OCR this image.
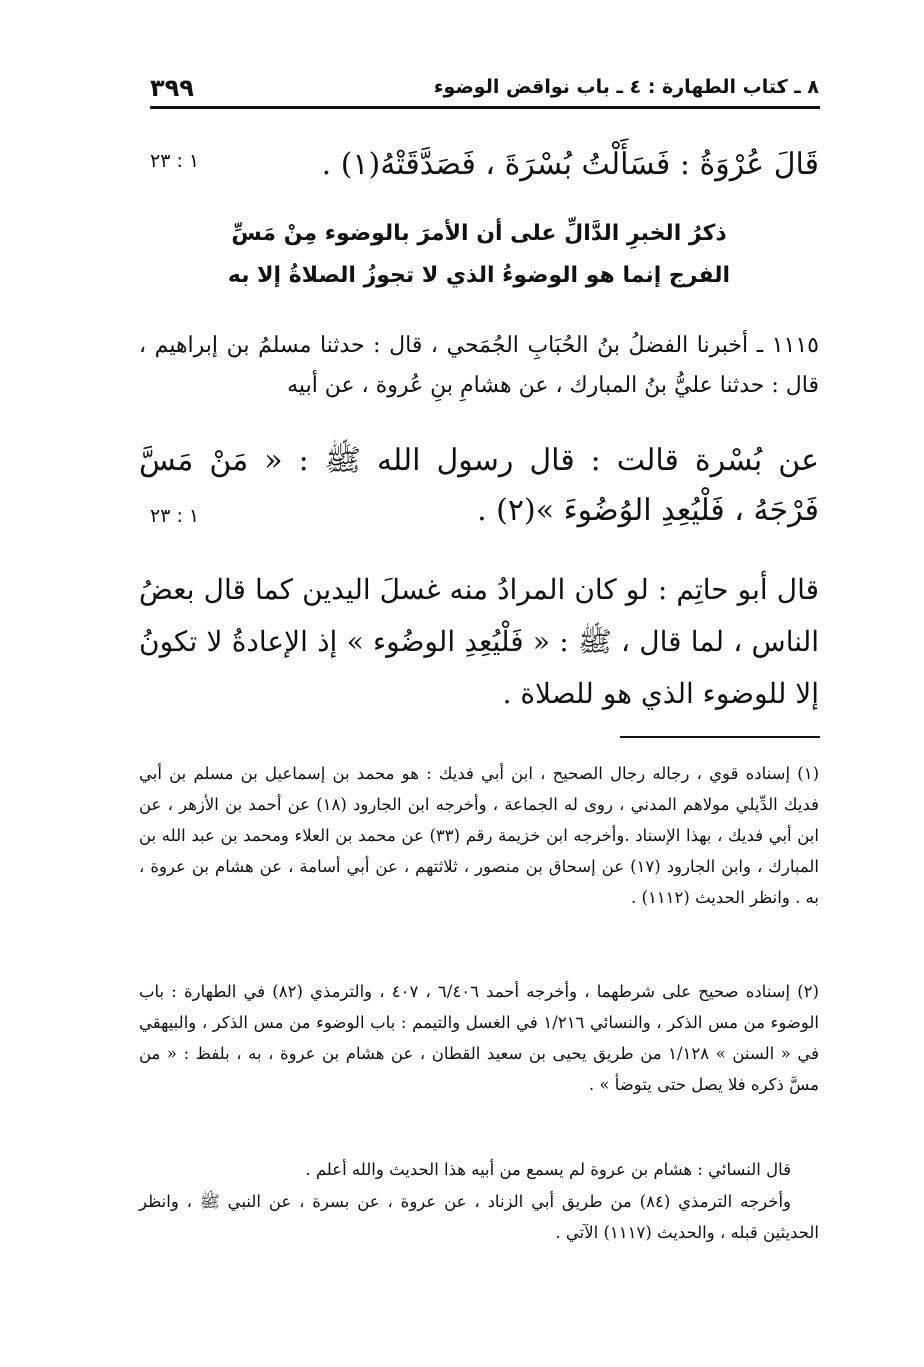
٨ ـ كتاب الطهارة : ٤ ـ باب نواقض الوضوء
٣٩٩
قَالَ عُرْوَةُ : فَسَأَلْتُ بُسْرَةَ ، فَصَدَّقَتْهُ(١) .
١ : ٢٣
ذكرُ الخبرِ الدَّالِّ على أن الأمرَ بالوضوء مِنْ مَسِّ
الفرج إنما هو الوضوءُ الذي لا تجوزُ الصلاةُ إلا به
١١١٥ ـ أخبرنا الفضلُ بنُ الحُبَابِ الجُمَحي ، قال : حدثنا مسلمُ بن إبراهيم ، قال : حدثنا عليُّ بنُ المبارك ، عن هشامِ بنِ عُروة ، عن أبيه
عن بُسْرة قالت : قال رسول الله ﷺ : « مَنْ مَسَّ فَرْجَهُ ، فَلْيُعِدِ الوُضُوءَ »(٢) .
١ : ٢٣
قال أبو حاتِم : لو كان المرادُ منه غسلَ اليدين كما قال بعضُ الناس ، لما قال ، ﷺ : « فَلْيُعِدِ الوضُوء » إذ الإعادةُ لا تكونُ إلا للوضوء الذي هو للصلاة .
(١) إسناده قوي ، رجاله رجال الصحيح ، ابن أبي فديك : هو محمد بن إسماعيل بن مسلم بن أبي فديك الدِّيلي مولاهم المدني ، روى له الجماعة ، وأخرجه ابن الجارود (١٨) عن أحمد بن الأزهر ، عن ابن أبي فديك ، بهذا الإسناد .وأخرجه ابن خزيمة رقم (٣٣) عن محمد بن العلاء ومحمد بن عبد الله بن المبارك ، وابن الجارود (١٧) عن إسحاق بن منصور ، ثلاثتهم ، عن أبي أسامة ، عن هشام بن عروة ، به . وانظر الحديث (١١١٢) .
(٢) إسناده صحيح على شرطهما ، وأخرجه أحمد ٦/٤٠٦ ، ٤٠٧ ، والترمذي (٨٢) في الطهارة : باب الوضوء من مس الذكر ، والنسائي ١/٢١٦ في الغسل والتيمم : باب الوضوء من مس الذكر ، والبيهقي في « السنن » ١/١٢٨ من طريق يحيى بن سعيد القطان ، عن هشام بن عروة ، به ، بلفظ : « من مسَّ ذكره فلا يصل حتى يتوضأ » .
قال النسائي : هشام بن عروة لم يسمع من أبيه هذا الحديث والله أعلم .
وأخرجه الترمذي (٨٤) من طريق أبي الزناد ، عن عروة ، عن بسرة ، عن النبي ﷺ ، وانظر الحديثين قبله ، والحديث (١١١٧) الآتي .
